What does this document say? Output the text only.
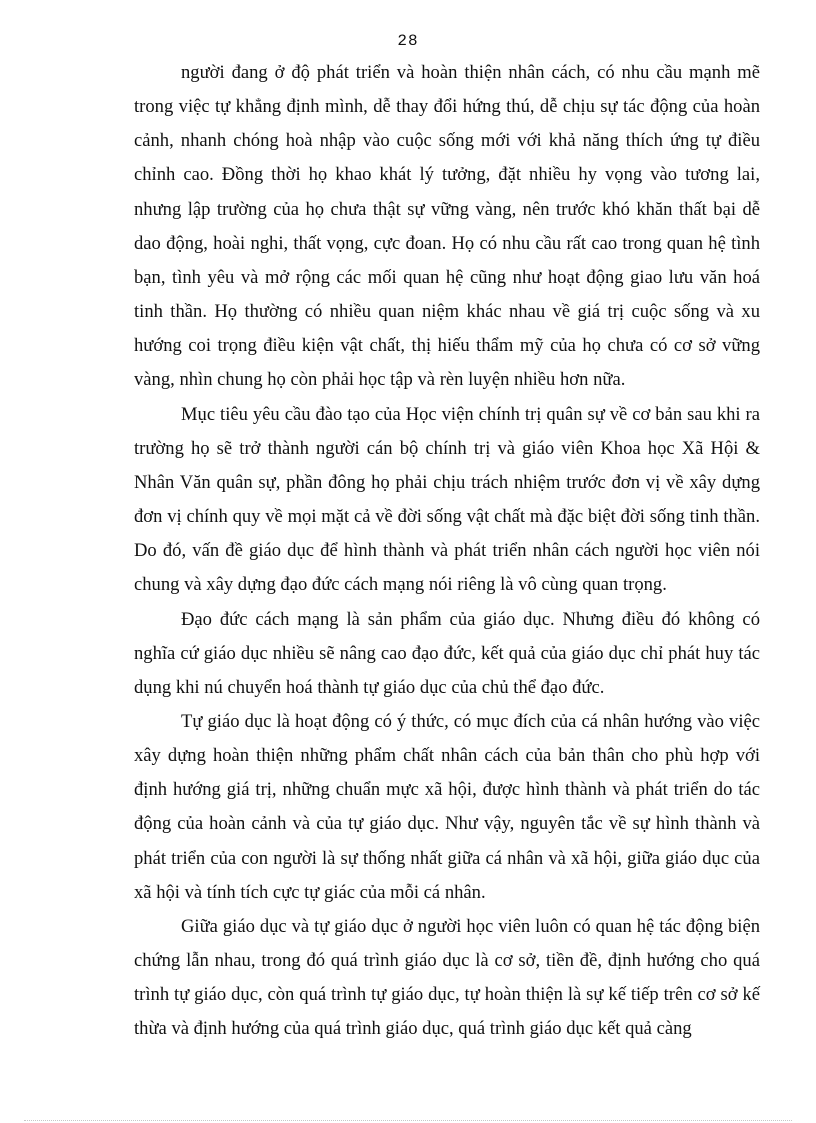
28

người đang ở độ phát triển và hoàn thiện nhân cách, có nhu cầu mạnh mẽ trong việc tự khẳng định mình, dễ thay đổi hứng thú, dễ chịu sự tác động của hoàn cảnh, nhanh chóng hoà nhập vào cuộc sống mới với khả năng thích ứng tự điều chỉnh cao. Đồng thời họ khao khát lý tưởng, đặt nhiều hy vọng vào tương lai, nhưng lập trường của họ chưa thật sự vững vàng, nên trước khó khăn thất bại dễ dao động, hoài nghi, thất vọng, cực đoan. Họ có nhu cầu rất cao trong quan hệ tình bạn, tình yêu và mở rộng các mối quan hệ cũng như hoạt động giao lưu văn hoá tinh thần. Họ thường có nhiều quan niệm khác nhau về giá trị cuộc sống và xu hướng coi trọng điều kiện vật chất, thị hiếu thẩm mỹ của họ chưa có cơ sở vững vàng, nhìn chung họ còn phải học tập và rèn luyện nhiều hơn nữa.

Mục tiêu yêu cầu đào tạo của Học viện chính trị quân sự về cơ bản sau khi ra trường họ sẽ trở thành người cán bộ chính trị và giáo viên Khoa học Xã Hội & Nhân Văn quân sự, phần đông họ phải chịu trách nhiệm trước đơn vị về xây dựng đơn vị chính quy về mọi mặt cả về đời sống vật chất mà đặc biệt đời sống tinh thần. Do đó, vấn đề giáo dục để hình thành và phát triển nhân cách người học viên nói chung và xây dựng đạo đức cách mạng nói riêng là vô cùng quan trọng.

Đạo đức cách mạng là sản phẩm của giáo dục. Nhưng điều đó không có nghĩa cứ giáo dục nhiều sẽ nâng cao đạo đức, kết quả của giáo dục chỉ phát huy tác dụng khi nú chuyển hoá thành tự giáo dục của chủ thể đạo đức.

Tự giáo dục là hoạt động có ý thức, có mục đích của cá nhân hướng vào việc xây dựng hoàn thiện những phẩm chất nhân cách của bản thân cho phù hợp với định hướng giá trị, những chuẩn mực xã hội, được hình thành và phát triển do tác động của hoàn cảnh và của tự giáo dục. Như vậy, nguyên tắc về sự hình thành và phát triển của con người là sự thống nhất giữa cá nhân và xã hội, giữa giáo dục của xã hội và tính tích cực tự giác của mỗi cá nhân.

Giữa giáo dục và tự giáo dục ở người học viên luôn có quan hệ tác động biện chứng lẫn nhau, trong đó quá trình giáo dục là cơ sở, tiền đề, định hướng cho quá trình tự giáo dục, còn quá trình tự giáo dục, tự hoàn thiện là sự kế tiếp trên cơ sở kế thừa và định hướng của quá trình giáo dục, quá trình giáo dục kết quả càng
